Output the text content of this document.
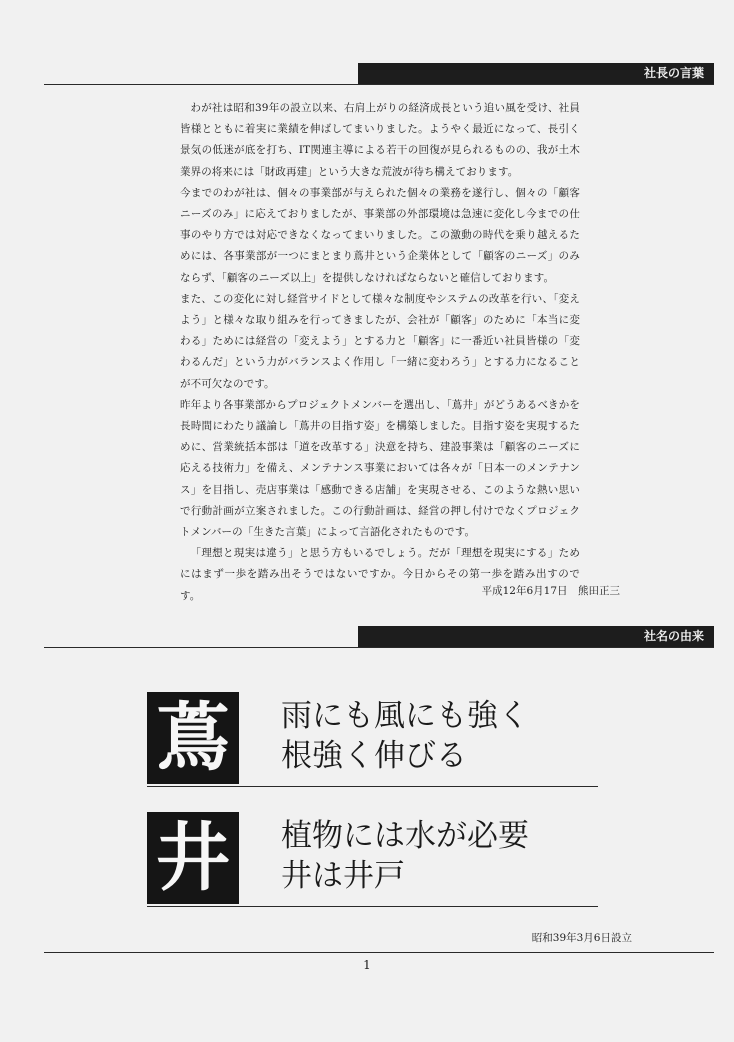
社長の言葉

わが社は昭和39年の設立以来、右肩上がりの経済成長という追い風を受け、社員皆様とともに着実に業績を伸ばしてまいりました。ようやく最近になって、長引く景気の低迷が底を打ち、IT関連主導による若干の回復が見られるものの、我が土木業界の将来には「財政再建」という大きな荒波が待ち構えております。

今までのわが社は、個々の事業部が与えられた個々の業務を遂行し、個々の「顧客ニーズのみ」に応えておりましたが、事業部の外部環境は急速に変化し今までの仕事のやり方では対応できなくなってまいりました。この激動の時代を乗り越えるためには、各事業部が一つにまとまり蔦井という企業体として「顧客のニーズ」のみならず、「顧客のニーズ以上」を提供しなければならないと確信しております。

また、この変化に対し経営サイドとして様々な制度やシステムの改革を行い、「変えよう」と様々な取り組みを行ってきましたが、会社が「顧客」のために「本当に変わる」ためには経営の「変えよう」とする力と「顧客」に一番近い社員皆様の「変わるんだ」という力がバランスよく作用し「一緒に変わろう」とする力になることが不可欠なのです。

昨年より各事業部からプロジェクトメンバーを選出し、「蔦井」がどうあるべきかを長時間にわたり議論し「蔦井の目指す姿」を構築しました。目指す姿を実現するために、営業統括本部は「道を改革する」決意を持ち、建設事業は「顧客のニーズに応える技術力」を備え、メンテナンス事業においては各々が「日本一のメンテナンス」を目指し、売店事業は「感動できる店舗」を実現させる、このような熱い思いで行動計画が立案されました。この行動計画は、経営の押し付けでなくプロジェクトメンバーの「生きた言葉」によって言語化されたものです。

「理想と現実は違う」と思う方もいるでしょう。だが「理想を現実にする」ためにはまず一歩を踏み出そうではないですか。今日からその第一歩を踏み出すのです。	平成12年6月17日　熊田正三
社名の由来
蔦 雨にも風にも強く
根強く伸びる
井 植物には水が必要
井は井戸
昭和39年3月6日設立
1
